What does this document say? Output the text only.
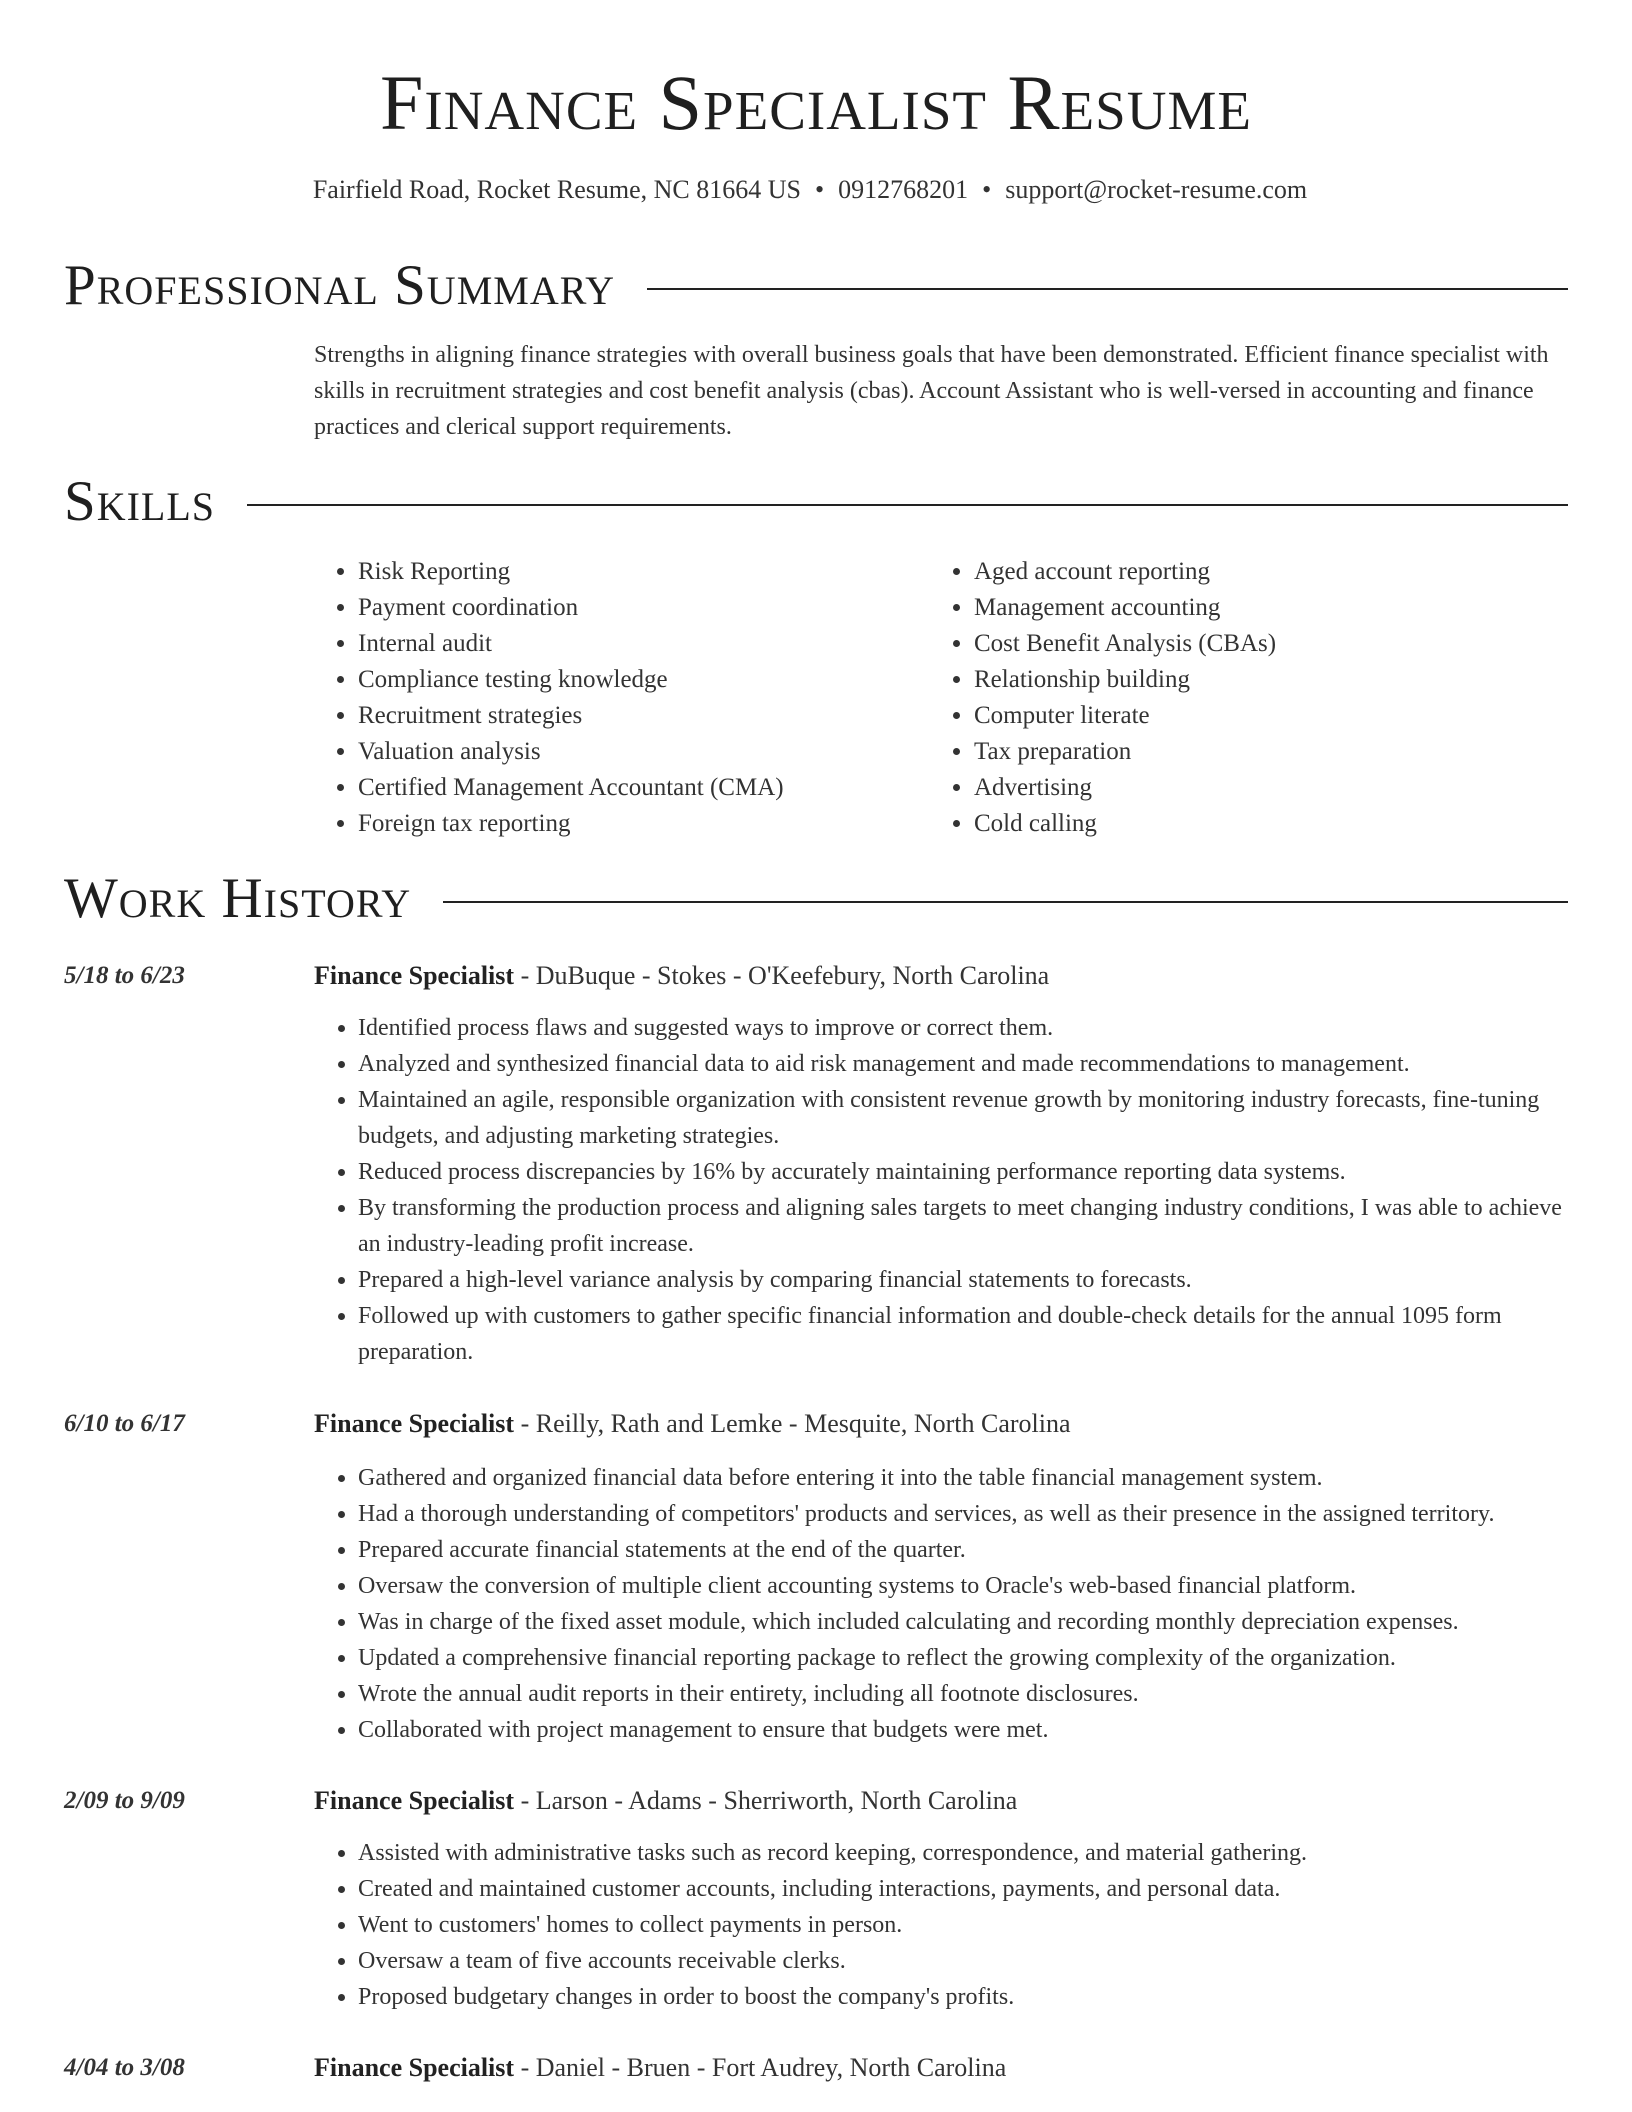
Finance Specialist Resume
Fairfield Road, Rocket Resume, NC 81664 US • 0912768201 • support@rocket-resume.com
Professional Summary

Strengths in aligning finance strategies with overall business goals that have been demonstrated. Efficient finance specialist with skills in recruitment strategies and cost benefit analysis (cbas). Account Assistant who is well-versed in accounting and finance practices and clerical support requirements.

Skills
• Risk Reporting
• Payment coordination
• Internal audit
• Compliance testing knowledge
• Recruitment strategies
• Valuation analysis
• Certified Management Accountant (CMA)
• Foreign tax reporting
• Aged account reporting
• Management accounting
• Cost Benefit Analysis (CBAs)
• Relationship building
• Computer literate
• Tax preparation
• Advertising
• Cold calling
Work History
5/18 to 6/23	Finance Specialist - DuBuque - Stokes - O'Keefebury, North Carolina
• Identified process flaws and suggested ways to improve or correct them.
• Analyzed and synthesized financial data to aid risk management and made recommendations to management.
• Maintained an agile, responsible organization with consistent revenue growth by monitoring industry forecasts, fine-tuning budgets, and adjusting marketing strategies.
• Reduced process discrepancies by 16% by accurately maintaining performance reporting data systems.
• By transforming the production process and aligning sales targets to meet changing industry conditions, I was able to achieve an industry-leading profit increase.
• Prepared a high-level variance analysis by comparing financial statements to forecasts.
• Followed up with customers to gather specific financial information and double-check details for the annual 1095 form preparation.
6/10 to 6/17	Finance Specialist - Reilly, Rath and Lemke - Mesquite, North Carolina
• Gathered and organized financial data before entering it into the table financial management system.
• Had a thorough understanding of competitors' products and services, as well as their presence in the assigned territory.
• Prepared accurate financial statements at the end of the quarter.
• Oversaw the conversion of multiple client accounting systems to Oracle's web-based financial platform.
• Was in charge of the fixed asset module, which included calculating and recording monthly depreciation expenses.
• Updated a comprehensive financial reporting package to reflect the growing complexity of the organization.
• Wrote the annual audit reports in their entirety, including all footnote disclosures.
• Collaborated with project management to ensure that budgets were met.
2/09 to 9/09	Finance Specialist - Larson - Adams - Sherriworth, North Carolina
• Assisted with administrative tasks such as record keeping, correspondence, and material gathering.
• Created and maintained customer accounts, including interactions, payments, and personal data.
• Went to customers' homes to collect payments in person.
• Oversaw a team of five accounts receivable clerks.
• Proposed budgetary changes in order to boost the company's profits.
4/04 to 3/08	Finance Specialist - Daniel - Bruen - Fort Audrey, North Carolina
